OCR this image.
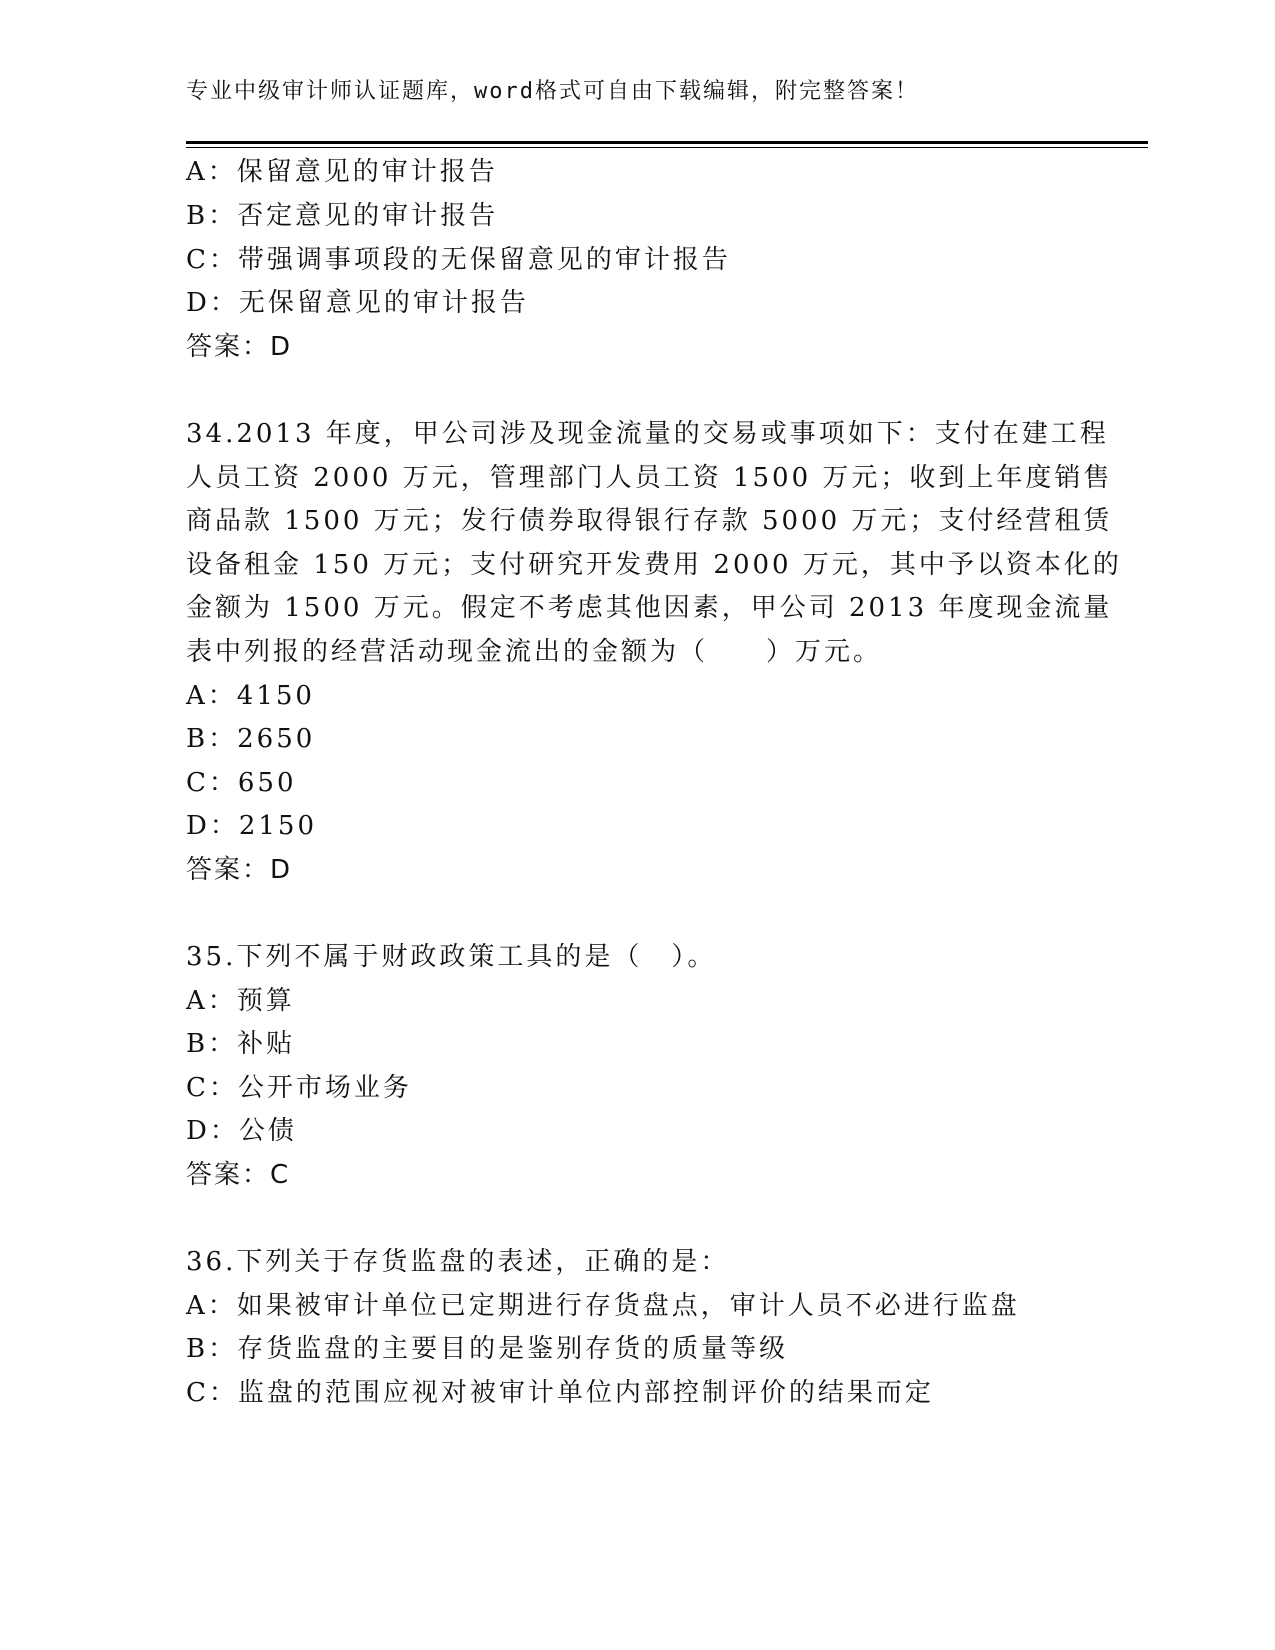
专业中级审计师认证题库，word格式可自由下载编辑，附完整答案！
A：保留意见的审计报告
B：否定意见的审计报告
C：带强调事项段的无保留意见的审计报告
D：无保留意见的审计报告
答案：D
34.2013 年度，甲公司涉及现金流量的交易或事项如下：支付在建工程
人员工资 2000 万元，管理部门人员工资 1500 万元；收到上年度销售
商品款 1500 万元；发行债券取得银行存款 5000 万元；支付经营租赁
设备租金 150 万元；支付研究开发费用 2000 万元，其中予以资本化的
金额为 1500 万元。假定不考虑其他因素，甲公司 2013 年度现金流量
表中列报的经营活动现金流出的金额为（　　）万元。
A：4150
B：2650
C：650
D：2150
答案：D
35.下列不属于财政政策工具的是（　）。
A：预算
B：补贴
C：公开市场业务
D：公债
答案：C
36.下列关于存货监盘的表述，正确的是：
A：如果被审计单位已定期进行存货盘点，审计人员不必进行监盘
B：存货监盘的主要目的是鉴别存货的质量等级
C：监盘的范围应视对被审计单位内部控制评价的结果而定
